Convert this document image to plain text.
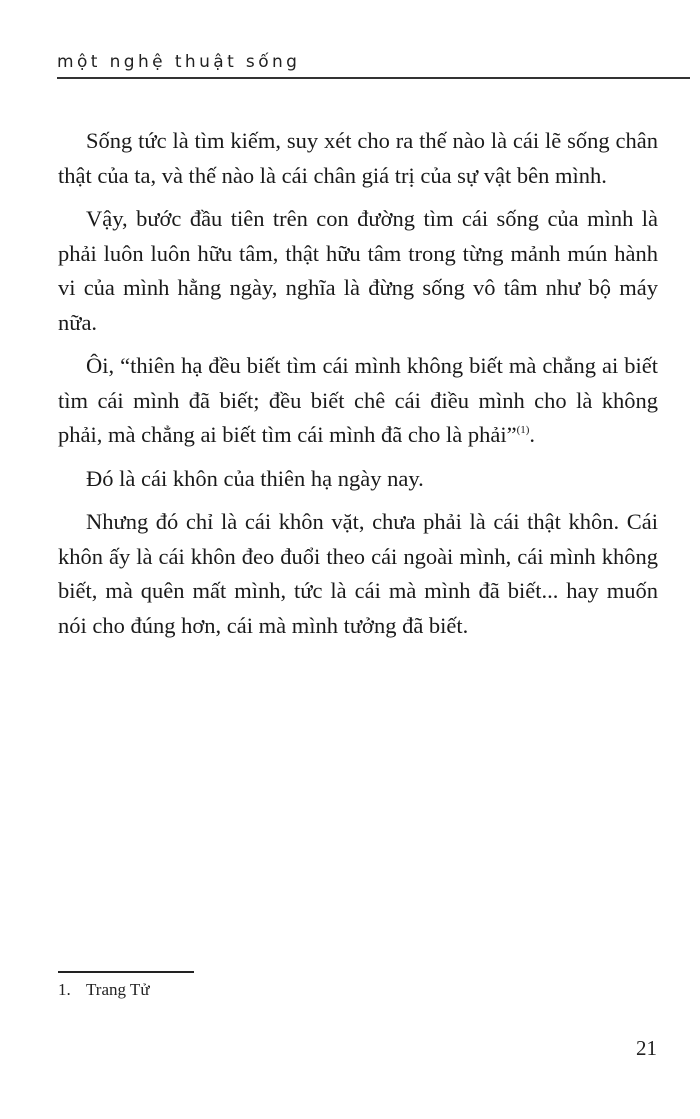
một nghệ thuật sống

Sống tức là tìm kiếm, suy xét cho ra thế nào là cái lẽ sống chân thật của ta, và thế nào là cái chân giá trị của sự vật bên mình.

Vậy, bước đầu tiên trên con đường tìm cái sống của mình là phải luôn luôn hữu tâm, thật hữu tâm trong từng mảnh mún hành vi của mình hằng ngày, nghĩa là đừng sống vô tâm như bộ máy nữa.

Ôi, “thiên hạ đều biết tìm cái mình không biết mà chẳng ai biết tìm cái mình đã biết; đều biết chê cái điều mình cho là không phải, mà chẳng ai biết tìm cái mình đã cho là phải”$^{(1)}$.

Đó là cái khôn của thiên hạ ngày nay.

Nhưng đó chỉ là cái khôn vặt, chưa phải là cái thật khôn. Cái khôn ấy là cái khôn đeo đuổi theo cái ngoài mình, cái mình không biết, mà quên mất mình, tức là cái mà mình đã biết... hay muốn nói cho đúng hơn, cái mà mình tưởng đã biết.

1. Trang Tử
21
